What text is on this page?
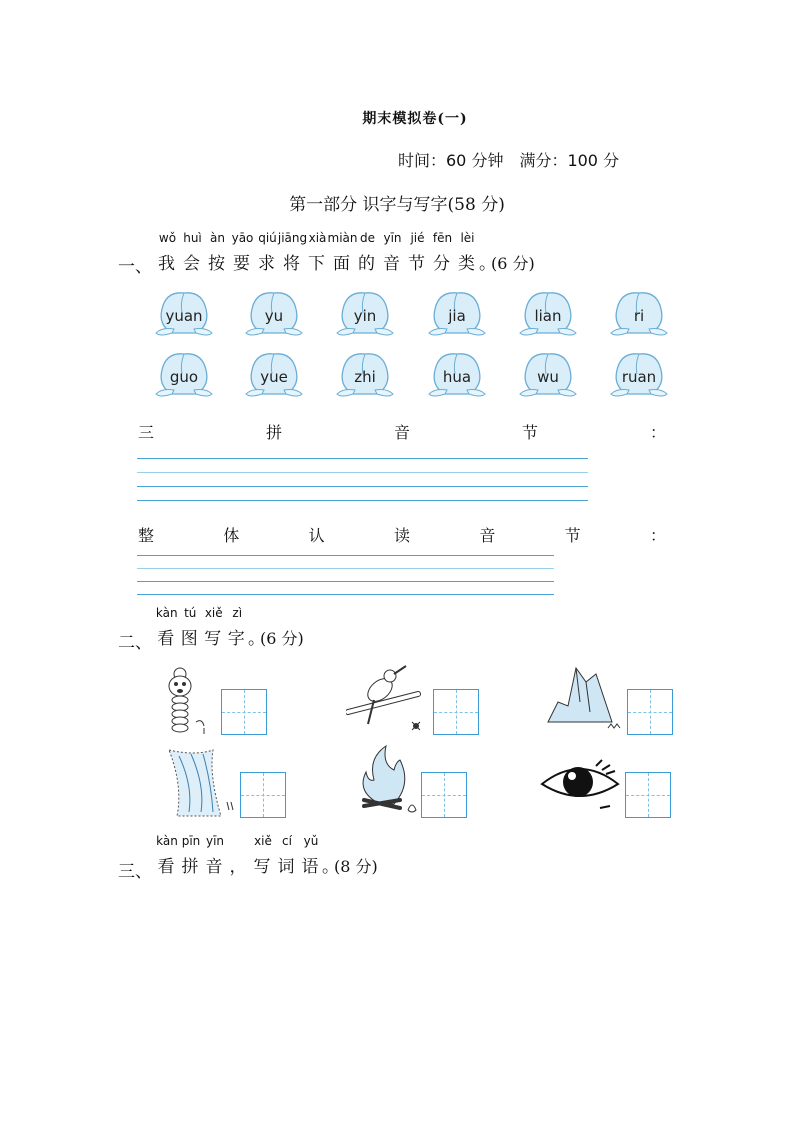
期末模拟卷(一)
时间：60 分钟　满分：100 分
第一部分 识字与写字(58 分)
一、
wǒ huì àn yāo qiú jiāng xià miàn de yīn jié fēn lèi
我 会 按 要 求 将 下 面 的 音 节 分 类 。(6 分)
yuan	yu	yin	jia	lian	ri
guo	yue	zhi	hua	wu	ruan
三	拼	音	节	：
整	体	认	读	音	节	：
二、
kàn tú xiě zì
看 图 写 字 。(6 分)
三、
kàn pīn yīn	xiě cí yǔ
看 拼 音 ， 写 词 语 。(8 分)
